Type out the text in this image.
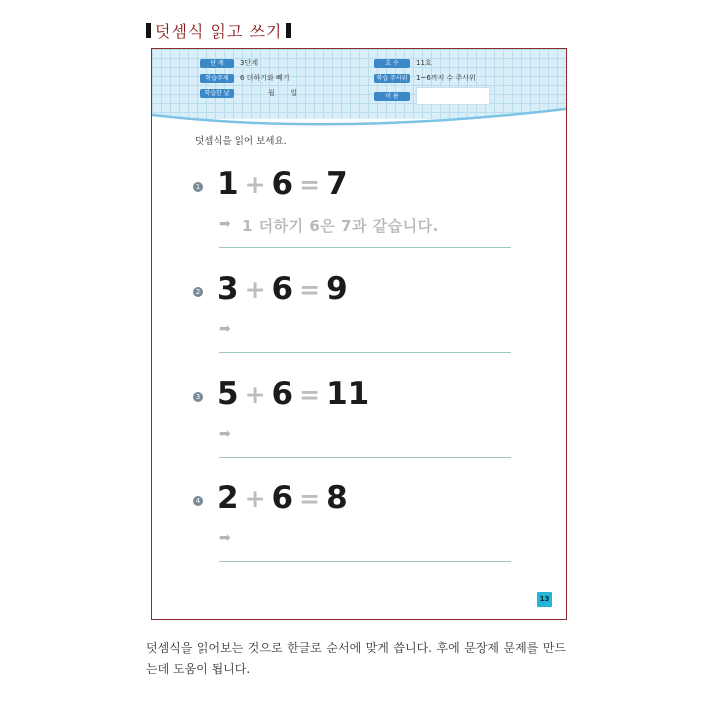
덧셈식 읽고 쓰기
단 계	3단계	호 수	11호
학습주제	6 더하기와 빼기	학습 주사위	1~6까지 수 주사위
학습한 날	월       일	이 름
덧셈식을 읽어 보세요.
1 1 + 6 = 7
➡ 1 더하기 6은 7과 같습니다.
2 3 + 6 = 9
➡
3 5 + 6 = 11
➡
4 2 + 6 = 8
➡
13
덧셈식을 읽어보는 것으로 한글로 순서에 맞게 씁니다. 후에 문장제 문제를 만드는데 도움이 됩니다.
